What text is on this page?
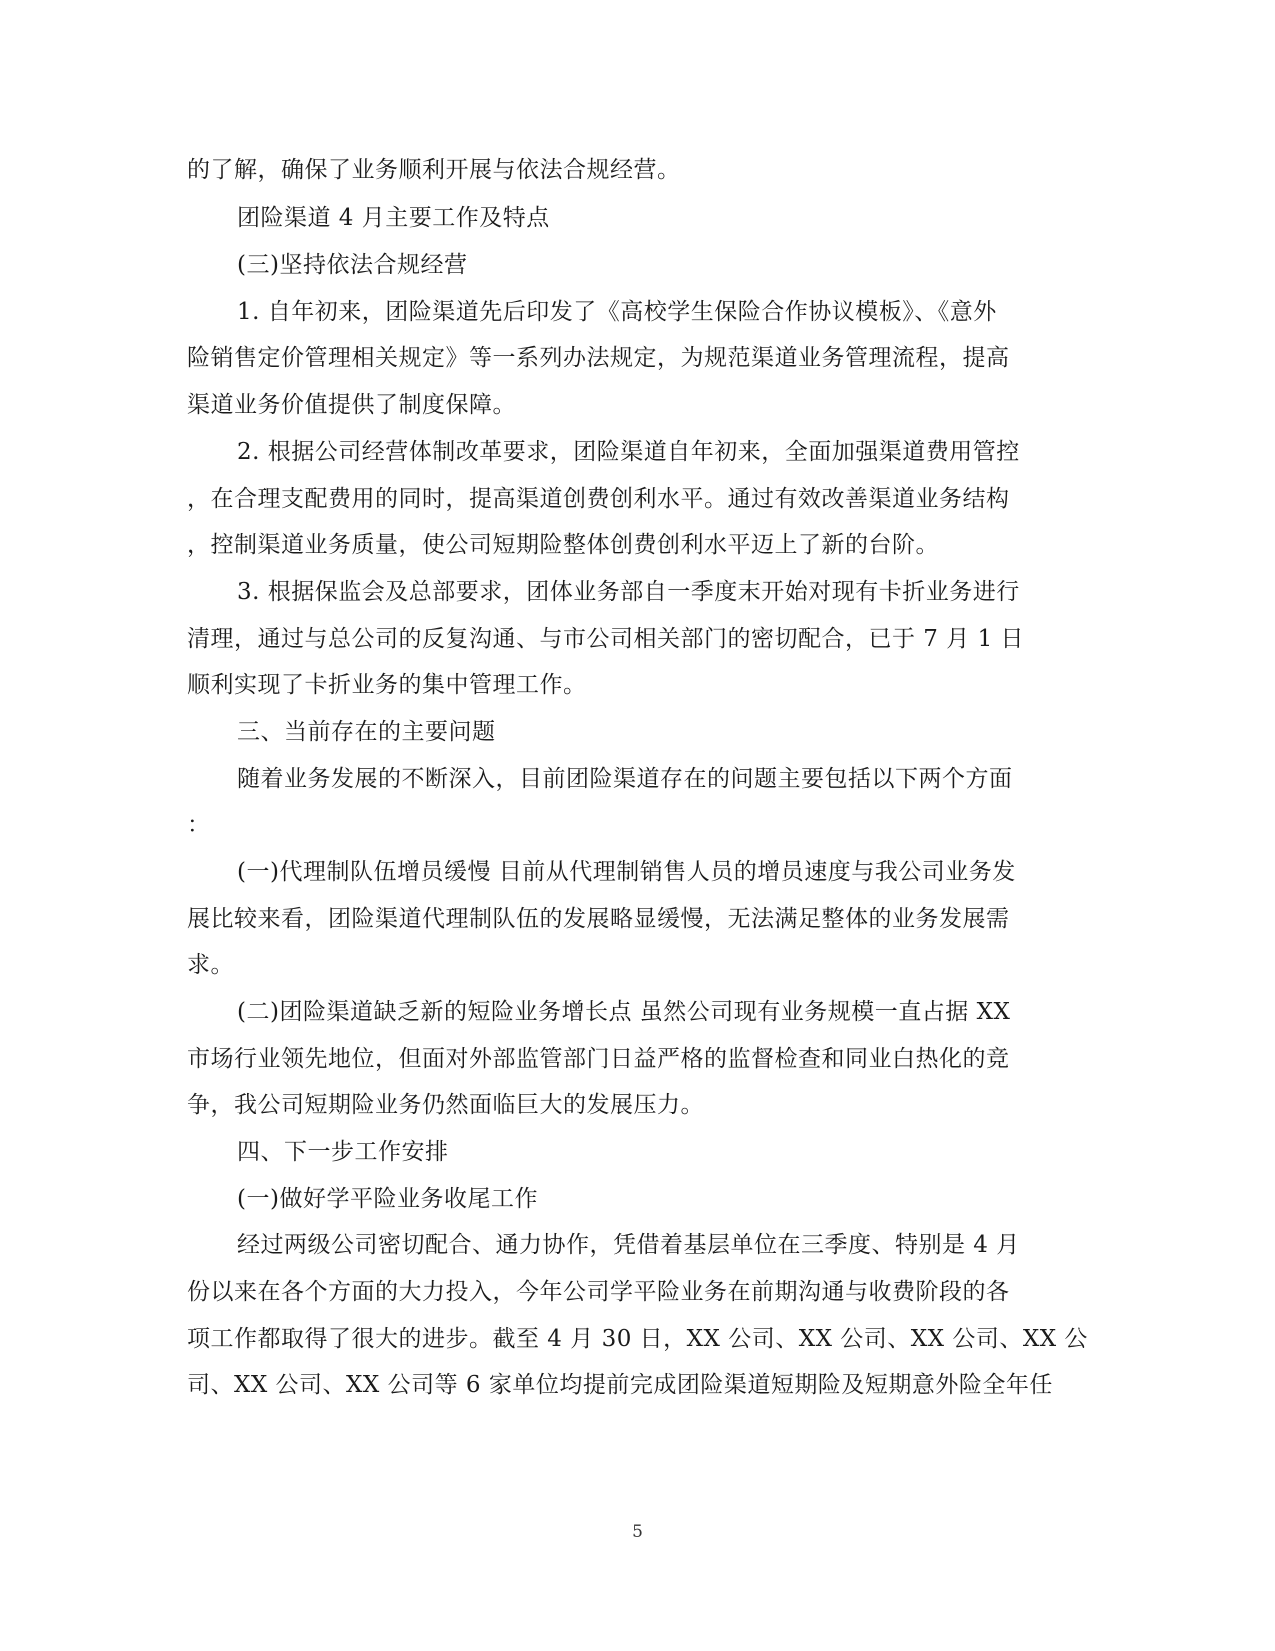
的了解，确保了业务顺利开展与依法合规经营。
团险渠道 4 月主要工作及特点
(三)坚持依法合规经营
1. 自年初来，团险渠道先后印发了《高校学生保险合作协议模板》、《意外
险销售定价管理相关规定》等一系列办法规定，为规范渠道业务管理流程，提高
渠道业务价值提供了制度保障。
2. 根据公司经营体制改革要求，团险渠道自年初来，全面加强渠道费用管控
，在合理支配费用的同时，提高渠道创费创利水平。通过有效改善渠道业务结构
，控制渠道业务质量，使公司短期险整体创费创利水平迈上了新的台阶。
3. 根据保监会及总部要求，团体业务部自一季度末开始对现有卡折业务进行
清理，通过与总公司的反复沟通、与市公司相关部门的密切配合，已于 7 月 1 日
顺利实现了卡折业务的集中管理工作。
三、当前存在的主要问题
随着业务发展的不断深入，目前团险渠道存在的问题主要包括以下两个方面
：
(一)代理制队伍增员缓慢 目前从代理制销售人员的增员速度与我公司业务发
展比较来看，团险渠道代理制队伍的发展略显缓慢，无法满足整体的业务发展需
求。
(二)团险渠道缺乏新的短险业务增长点 虽然公司现有业务规模一直占据 XX
市场行业领先地位，但面对外部监管部门日益严格的监督检查和同业白热化的竞
争，我公司短期险业务仍然面临巨大的发展压力。
四、下一步工作安排
(一)做好学平险业务收尾工作
经过两级公司密切配合、通力协作，凭借着基层单位在三季度、特别是 4 月
份以来在各个方面的大力投入，今年公司学平险业务在前期沟通与收费阶段的各
项工作都取得了很大的进步。截至 4 月 30 日，XX 公司、XX 公司、XX 公司、XX 公
司、XX 公司、XX 公司等 6 家单位均提前完成团险渠道短期险及短期意外险全年任
5
